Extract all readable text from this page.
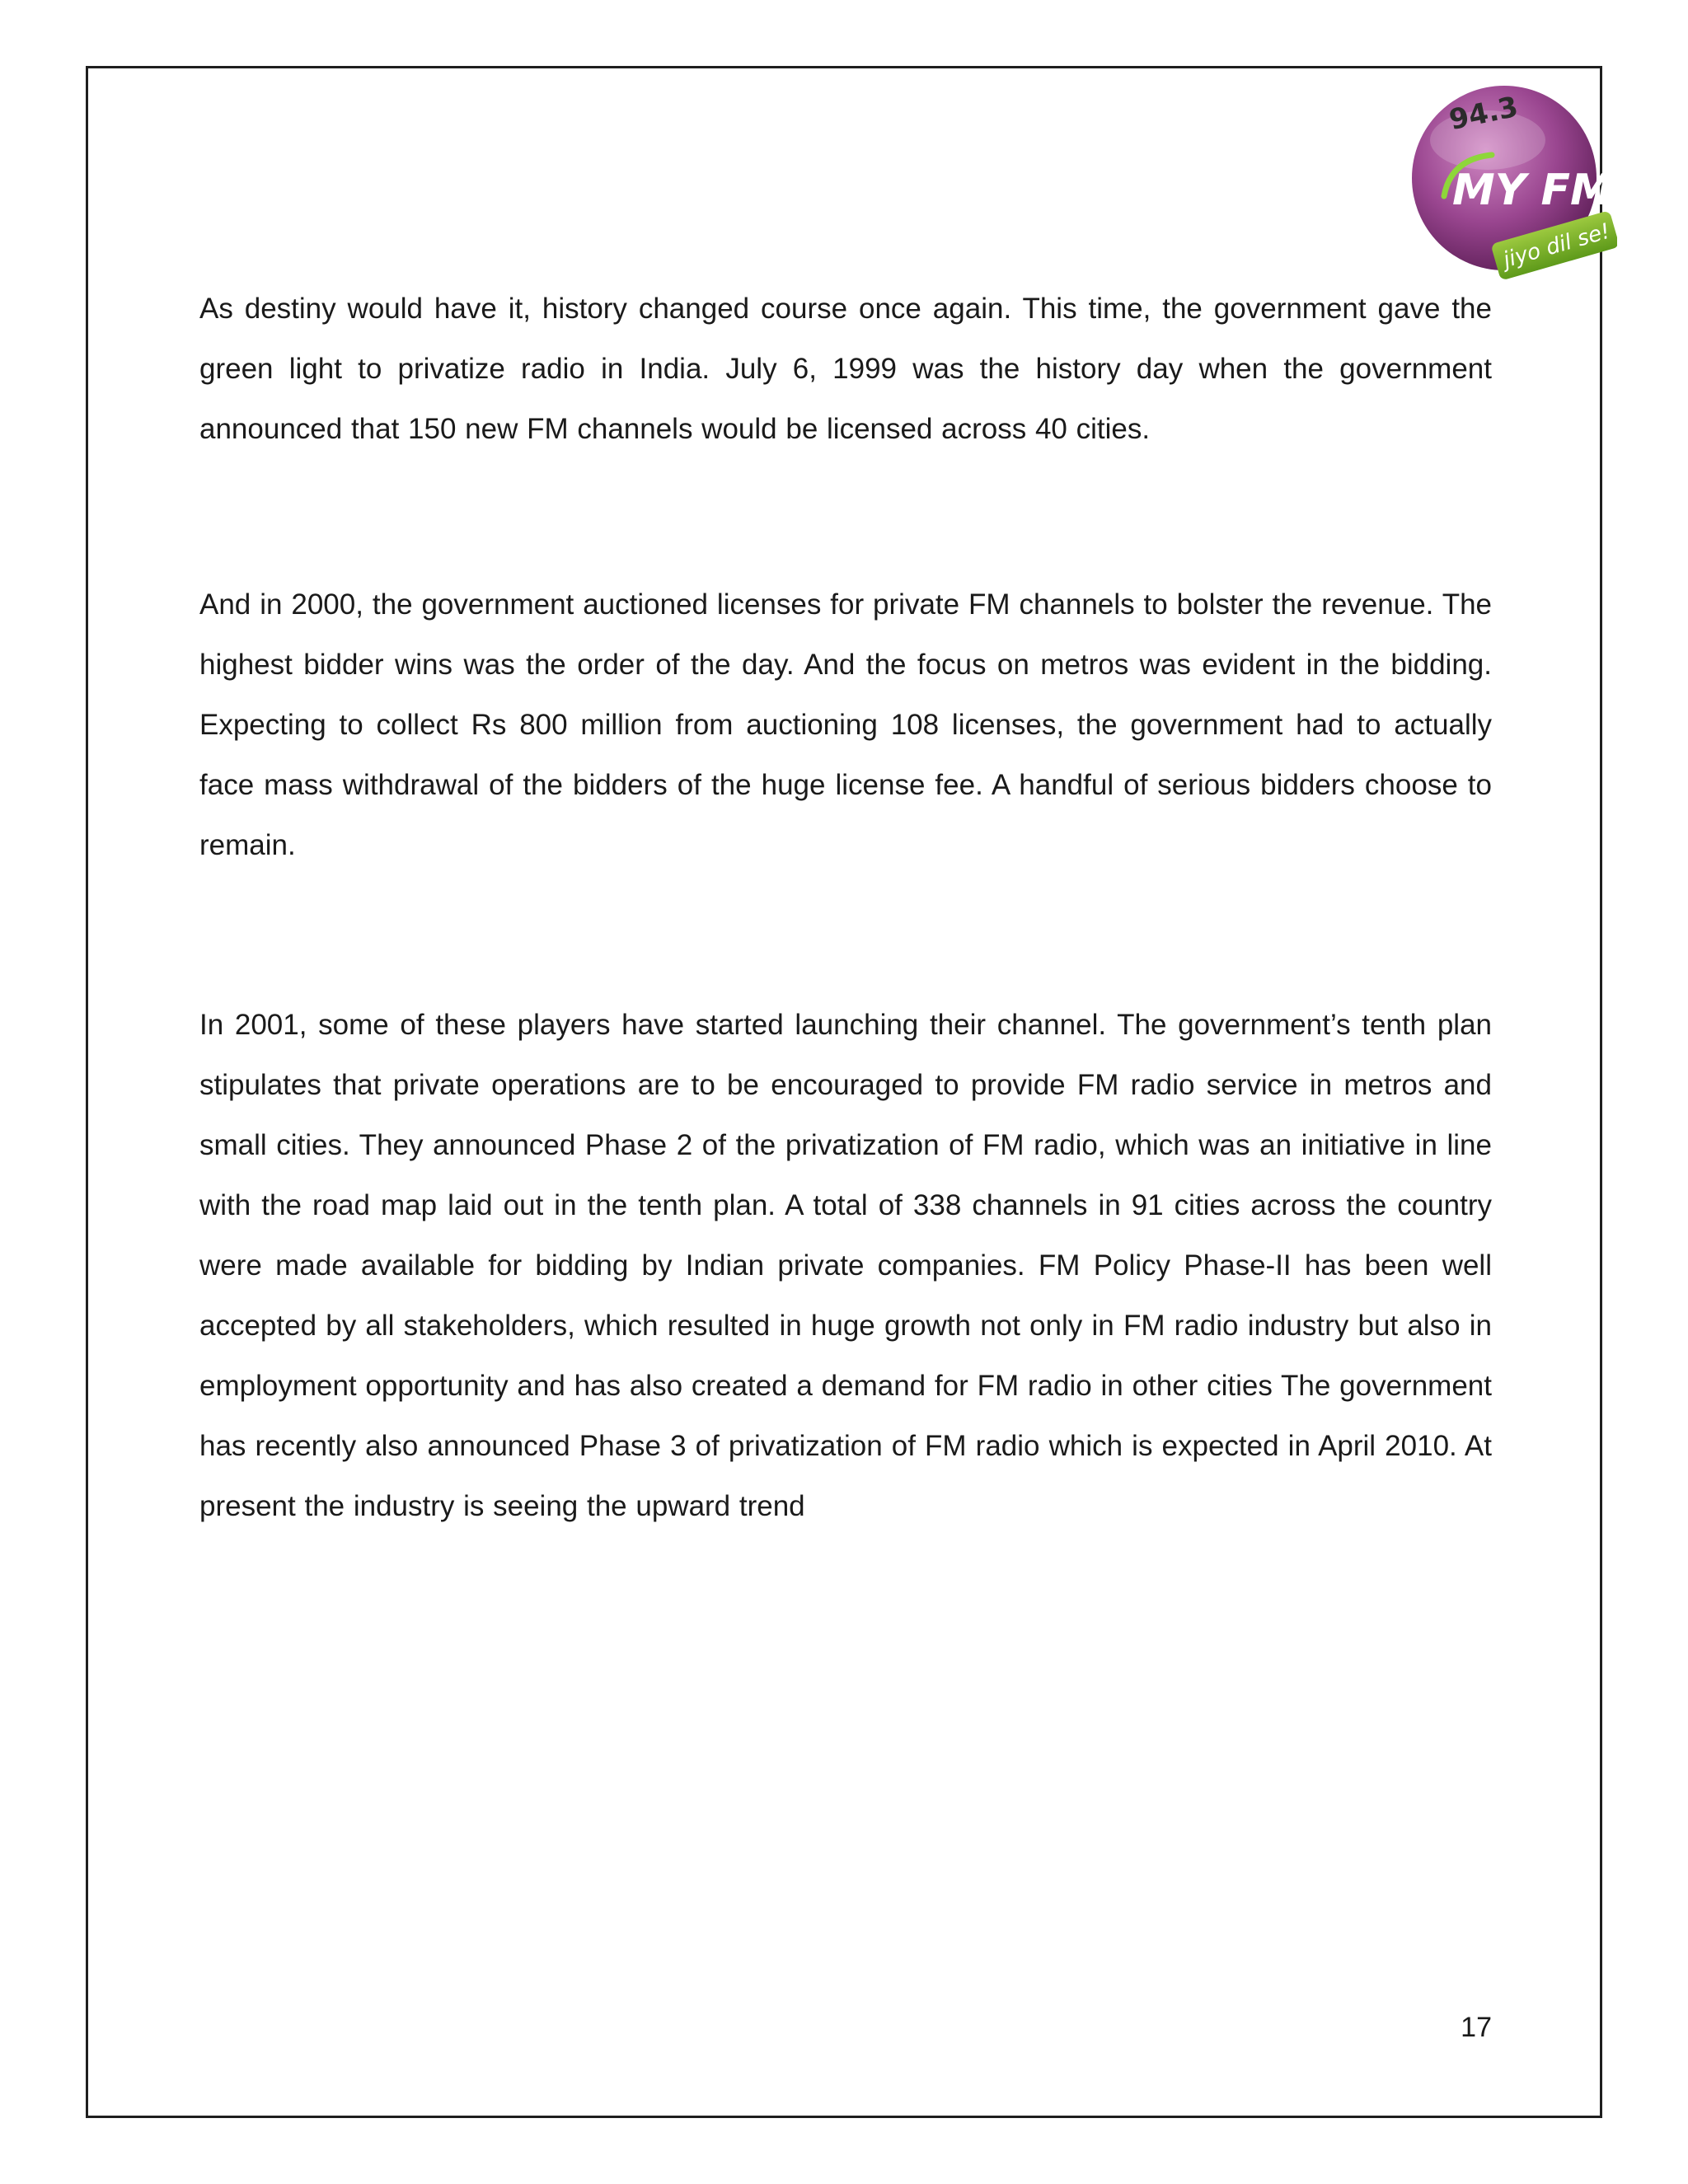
94.3
MY FM
jiyo dil se!

As destiny would have it, history changed course once again. This time, the government gave the green light to privatize radio in India. July 6, 1999 was the history day when the government announced that 150 new FM channels would be licensed across 40 cities.

And in 2000, the government auctioned licenses for private FM channels to bolster the revenue. The highest bidder wins was the order of the day. And the focus on metros was evident in the bidding. Expecting to collect Rs 800 million from auctioning 108 licenses, the government had to actually face mass withdrawal of the bidders of the huge license fee. A handful of serious bidders choose to remain.

In 2001, some of these players have started launching their channel. The government’s tenth plan stipulates that private operations are to be encouraged to provide FM radio service in metros and small cities. They announced Phase 2 of the privatization of FM radio, which was an initiative in line with the road map laid out in the tenth plan. A total of 338 channels in 91 cities across the country were made available for bidding by Indian private companies. FM Policy Phase-II has been well accepted by all stakeholders, which resulted in huge growth not only in FM radio industry but also in employment opportunity and has also created a demand for FM radio in other cities The government has recently also announced Phase 3 of privatization of FM radio which is expected in April 2010. At present the industry is seeing the upward trend

17
